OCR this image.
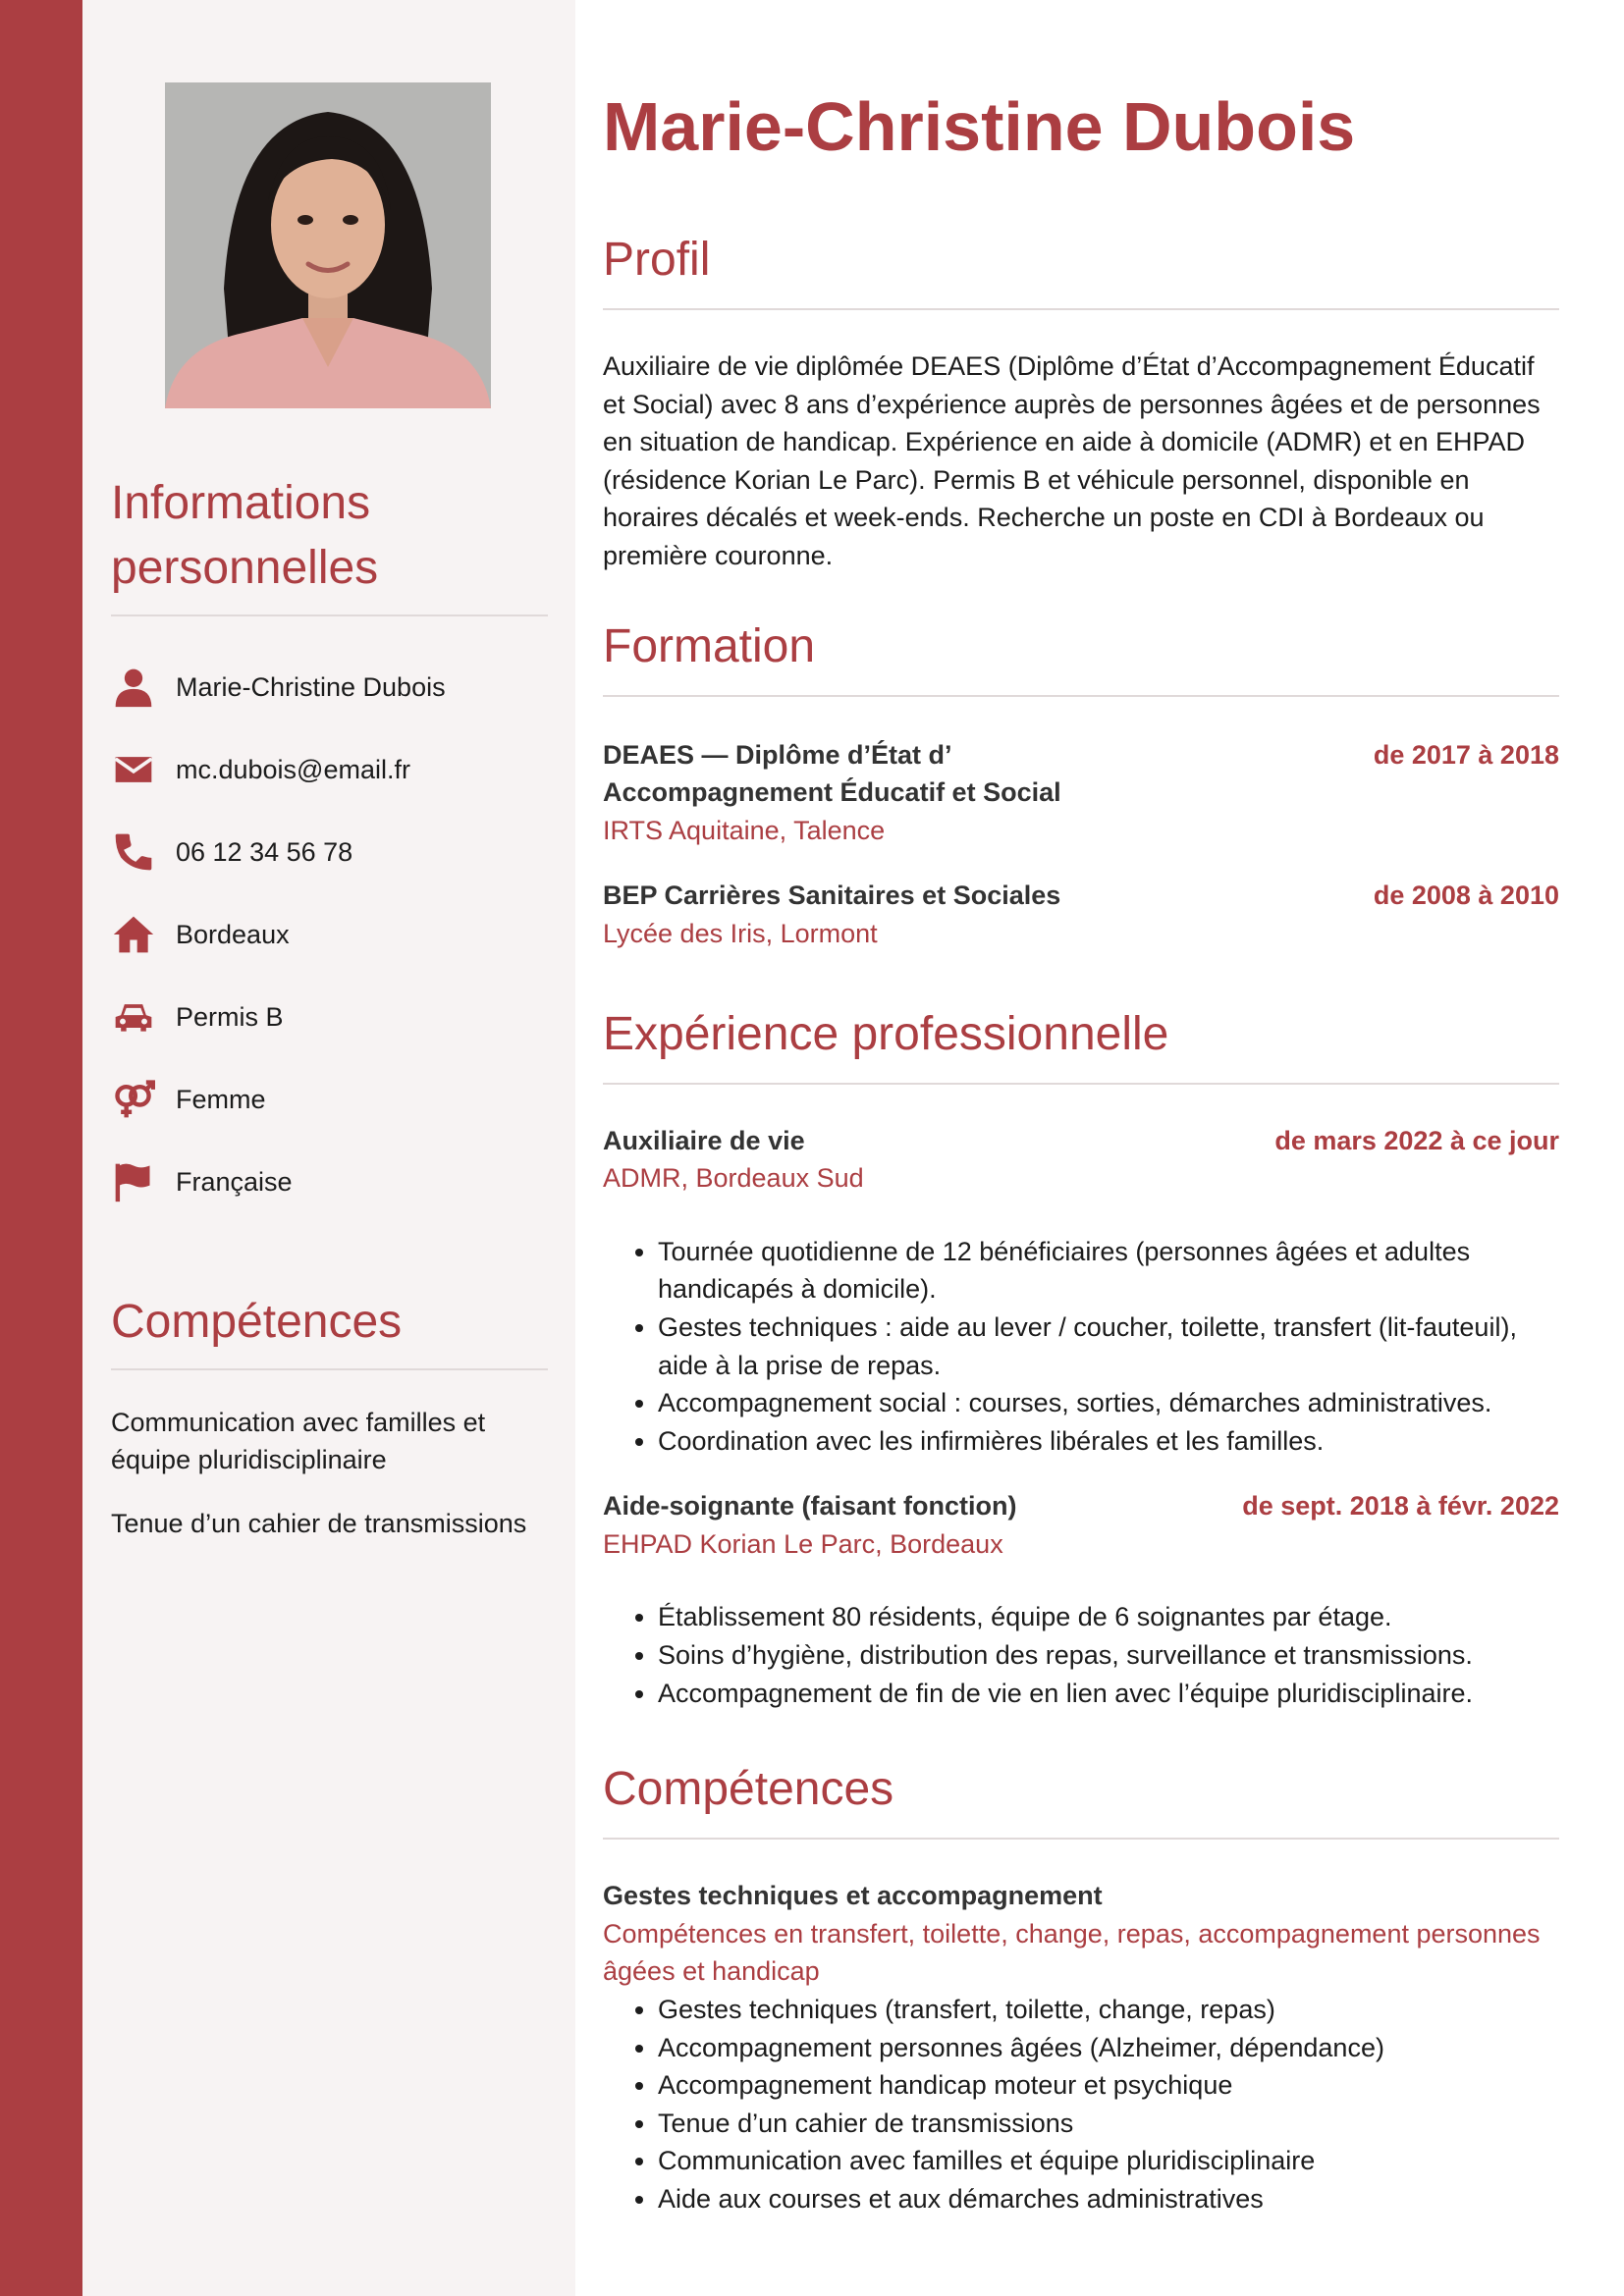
Informations personnelles
Marie-Christine Dubois
mc.dubois@email.fr
06 12 34 56 78
Bordeaux
Permis B
Femme
Française
Compétences
Communication avec familles et équipe pluridisciplinaire
Tenue d’un cahier de transmissions
Marie-Christine Dubois
Profil
Auxiliaire de vie diplômée DEAES (Diplôme d’État d’Accompagnement Éducatif et Social) avec 8 ans d’expérience auprès de personnes âgées et de personnes en situation de handicap. Expérience en aide à domicile (ADMR) et en EHPAD (résidence Korian Le Parc). Permis B et véhicule personnel, disponible en horaires décalés et week-ends. Recherche un poste en CDI à Bordeaux ou première couronne.
Formation
DEAES — Diplôme d’État d’ Accompagnement Éducatif et Social
de 2017 à 2018
IRTS Aquitaine, Talence
BEP Carrières Sanitaires et Sociales	de 2008 à 2010
Lycée des Iris, Lormont
Expérience professionnelle
Auxiliaire de vie	de mars 2022 à ce jour
ADMR, Bordeaux Sud
• Tournée quotidienne de 12 bénéficiaires (personnes âgées et adultes handicapés à domicile).
• Gestes techniques : aide au lever / coucher, toilette, transfert (lit-fauteuil), aide à la prise de repas.
• Accompagnement social : courses, sorties, démarches administratives.
• Coordination avec les infirmières libérales et les familles.
Aide-soignante (faisant fonction)	de sept. 2018 à févr. 2022
EHPAD Korian Le Parc, Bordeaux
• Établissement 80 résidents, équipe de 6 soignantes par étage.
• Soins d’hygiène, distribution des repas, surveillance et transmissions.
• Accompagnement de fin de vie en lien avec l’équipe pluridisciplinaire.
Compétences
Gestes techniques et accompagnement
Compétences en transfert, toilette, change, repas, accompagnement personnes âgées et handicap
• Gestes techniques (transfert, toilette, change, repas)
• Accompagnement personnes âgées (Alzheimer, dépendance)
• Accompagnement handicap moteur et psychique
• Tenue d’un cahier de transmissions
• Communication avec familles et équipe pluridisciplinaire
• Aide aux courses et aux démarches administratives
